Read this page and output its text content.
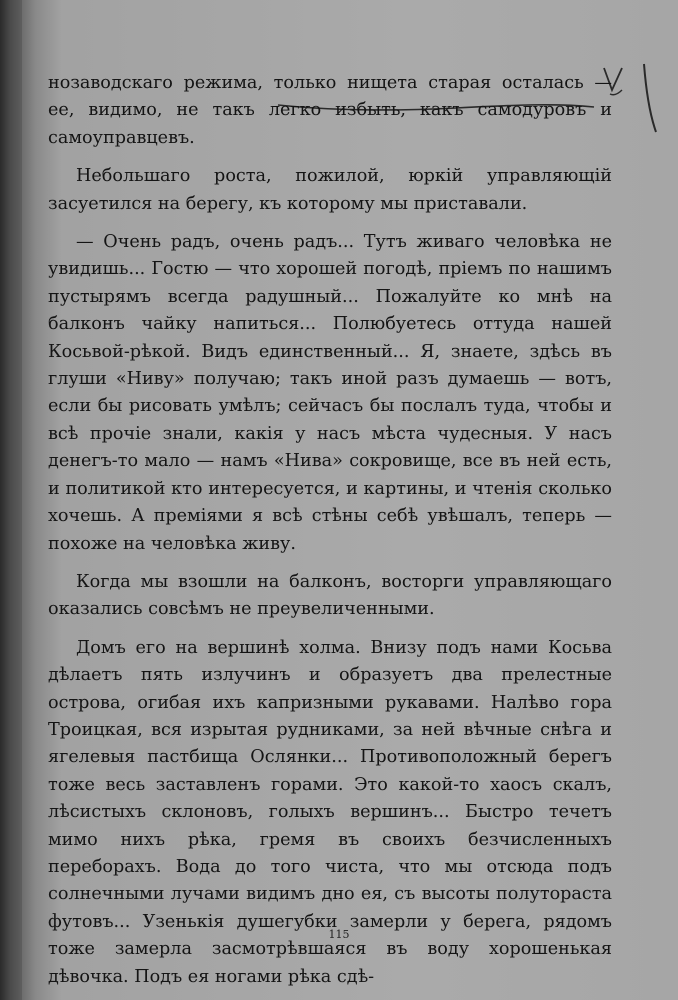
нозаводскаго режима, только нищета старая осталась — ее, видимо, не такъ легко избыть, какъ самодуровъ и самоуправцевъ.

Небольшаго роста, пожилой, юркій управляющій засуетился на берегу, къ которому мы приставали.

— Очень радъ, очень радъ... Тутъ живаго человѣка не увидишь... Гостю — что хорошей погодѣ, пріемъ по нашимъ пустырямъ всегда радушный... Пожалуйте ко мнѣ на балконъ чайку напиться... Полюбуетесь оттуда нашей Косьвой-рѣкой. Видъ единственный... Я, знаете, здѣсь въ глуши «Ниву» получаю; такъ иной разъ думаешь — вотъ, если бы рисовать умѣлъ; сейчасъ бы послалъ туда, чтобы и всѣ прочіе знали, какія у насъ мѣста чудесныя. У насъ денегъ-то мало — намъ «Нива» сокровище, все въ ней есть, и политикой кто интересуется, и картины, и чтенія сколько хочешь. А преміями я всѣ стѣны себѣ увѣшалъ, теперь — похоже на человѣка живу.

Когда мы взошли на балконъ, восторги управляющаго оказались совсѣмъ не преувеличенными.

Домъ его на вершинѣ холма. Внизу подъ нами Косьва дѣлаетъ пять излучинъ и образуетъ два прелестные острова, огибая ихъ капризными рукавами. Налѣво гора Троицкая, вся изрытая рудниками, за ней вѣчные снѣга и ягелевыя пастбища Ослянки... Противоположный берегъ тоже весь заставленъ горами. Это какой-то хаосъ скалъ, лѣсистыхъ склоновъ, голыхъ вершинъ... Быстро течетъ мимо нихъ рѣка, гремя въ своихъ безчисленныхъ переборахъ. Вода до того чиста, что мы отсюда подъ солнечными лучами видимъ дно ея, съ высоты полутораста футовъ... Узенькія душегубки замерли у берега, рядомъ тоже замерла засмотрѣвшаяся въ воду хорошенькая дѣвочка. Подъ ея ногами рѣка сдѣ-

115
